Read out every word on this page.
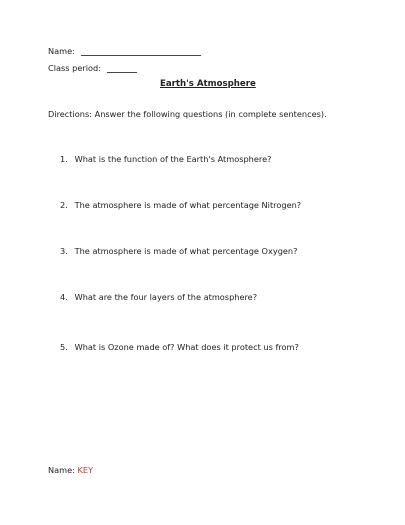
Name:
Class period:
Earth's Atmosphere
Directions: Answer the following questions (in complete sentences).
1. What is the function of the Earth's Atmosphere?
2. The atmosphere is made of what percentage Nitrogen?
3. The atmosphere is made of what percentage Oxygen?
4. What are the four layers of the atmosphere?
5. What is Ozone made of? What does it protect us from?
Name: KEY
